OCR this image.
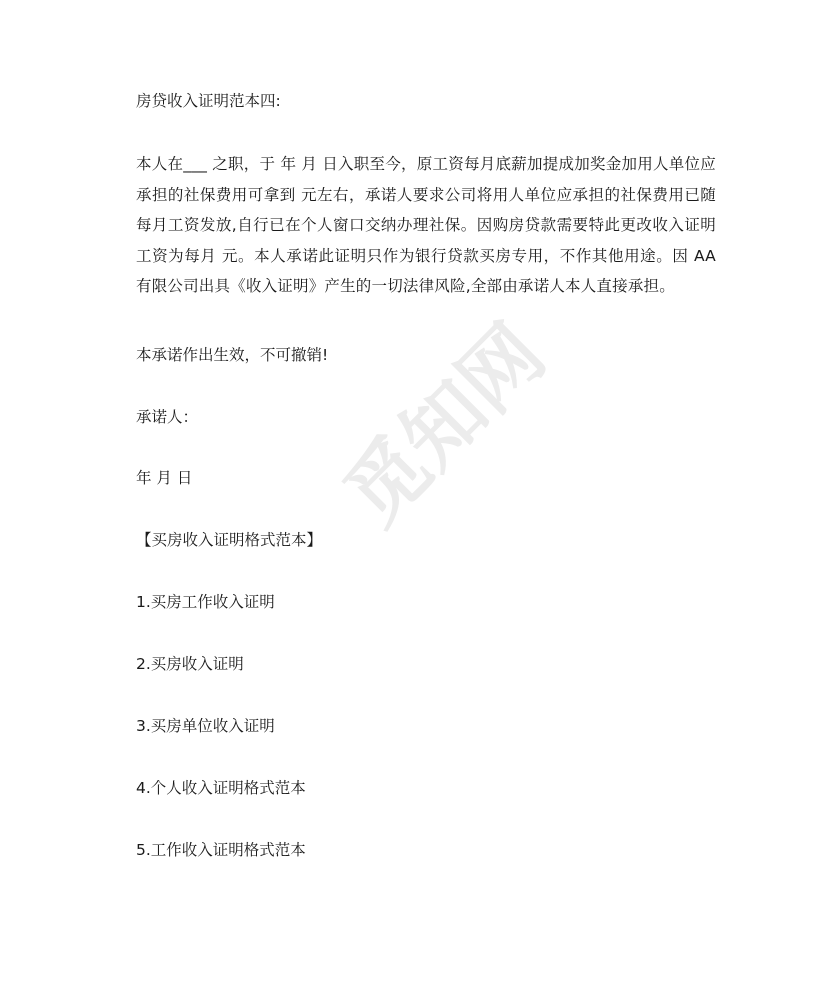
觅知网
房贷收入证明范本四:
本人在___ 之职，于 年 月 日入职至今，原工资每月底薪加提成加奖金加用人单位应承担的社保费用可拿到 元左右，承诺人要求公司将用人单位应承担的社保费用已随每月工资发放,自行已在个人窗口交纳办理社保。因购房贷款需要特此更改收入证明工资为每月 元。本人承诺此证明只作为银行贷款买房专用，不作其他用途。因 AA 有限公司出具《收入证明》产生的一切法律风险,全部由承诺人本人直接承担。
本承诺作出生效，不可撤销!
承诺人：
年 月 日
【买房收入证明格式范本】
1.买房工作收入证明
2.买房收入证明
3.买房单位收入证明
4.个人收入证明格式范本
5.工作收入证明格式范本
